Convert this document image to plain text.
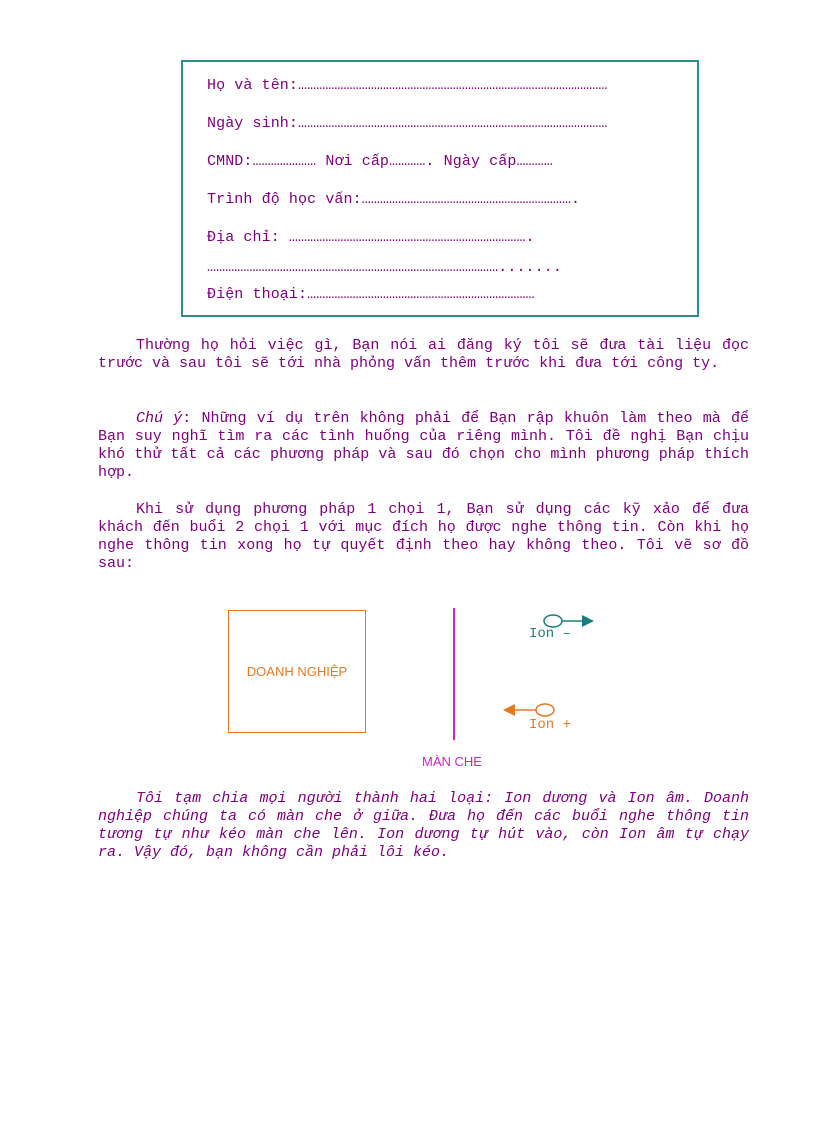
Họ và tên:…………………………………………………………………………………………
Ngày sinh:…………………………………………………………………………………………
CMND:………………… Nơi cấp…………. Ngày cấp…………
Trình độ học vấn:…………………………………………………………….
Địa chỉ: …………………………………………………………………….
…………………………………………………………………………………….......
Điện thoại:…………………………………………………………………

Thường họ hỏi việc gì, Bạn nói ai đăng ký tôi sẽ đưa tài liệu đọc trước và sau tôi sẽ tới nhà phỏng vấn thêm trước khi đưa tới công ty.

Chú ý: Những ví dụ trên không phải để Bạn rập khuôn làm theo mà để Bạn suy nghĩ tìm ra các tình huống của riêng mình. Tôi đề nghị Bạn chịu khó thử tất cả các phương pháp và sau đó chọn cho mình phương pháp thích hợp.

Khi sử dụng phương pháp 1 chọi 1, Bạn sử dụng các kỹ xảo để đưa khách đến buổi 2 chọi 1 với mục đích họ được nghe thông tin. Còn khi họ nghe thông tin xong họ tự quyết định theo hay không theo. Tôi vẽ sơ đồ sau:

DOANH NGHIỆP
MÀN CHE
Ion –
Ion +

Tôi tạm chia mọi người thành hai loại: Ion dương và Ion âm. Doanh nghiệp chúng ta có màn che ở giữa. Đưa họ đến các buổi nghe thông tin tương tự như kéo màn che lên. Ion dương tự hút vào, còn Ion âm tự chạy ra. Vậy đó, bạn không cần phải lôi kéo.
